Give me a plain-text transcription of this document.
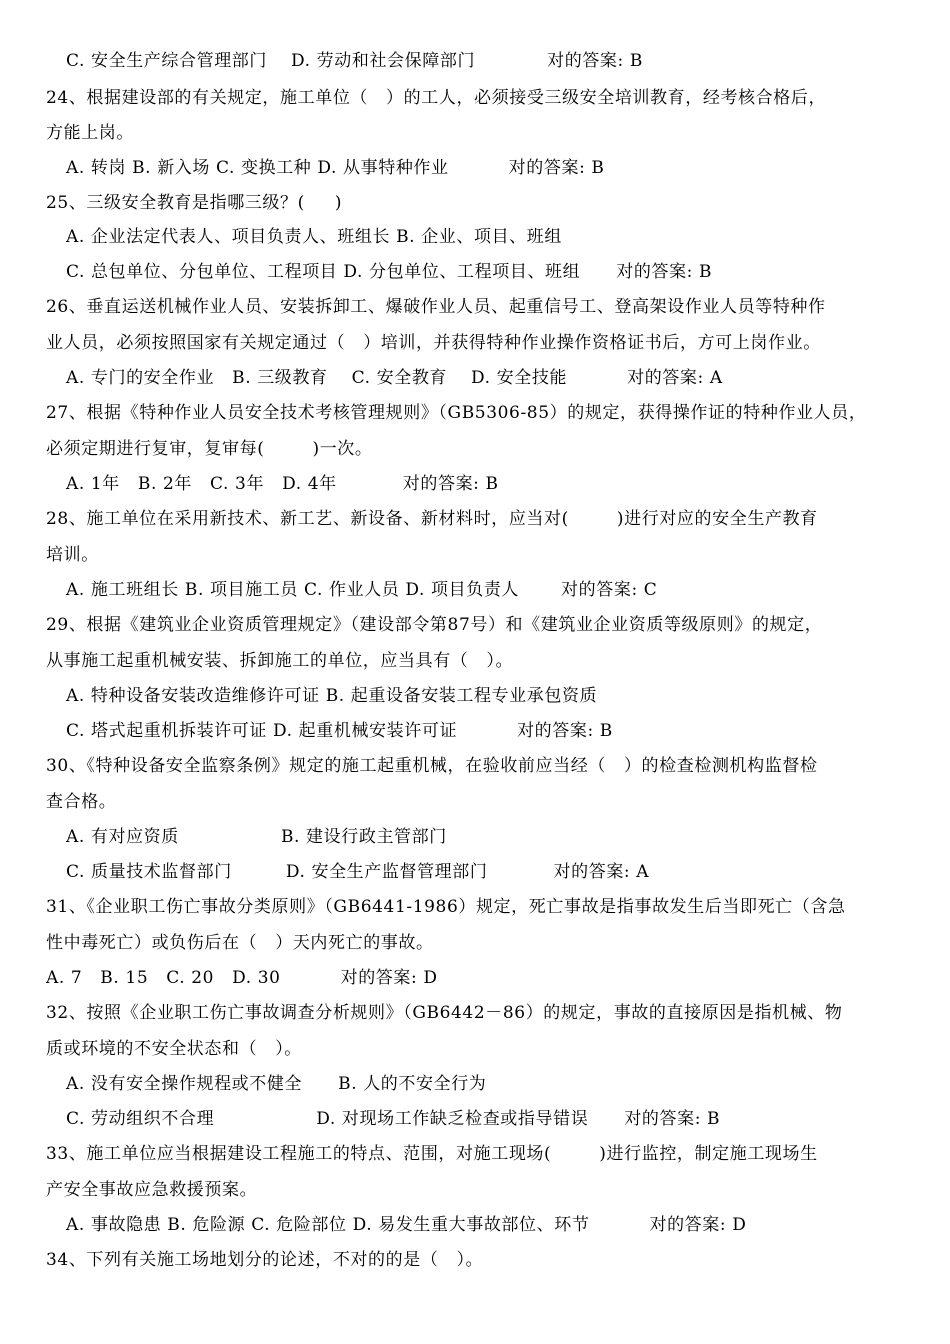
C. 安全生产综合管理部门    D. 劳动和社会保障部门            对的答案: B
24、根据建设部的有关规定，施工单位（   ）的工人，必须接受三级安全培训教育，经考核合格后，
方能上岗。
A. 转岗 B. 新入场 C. 变换工种 D. 从事特种作业          对的答案: B
25、三级安全教育是指哪三级？(     )
A. 企业法定代表人、项目负责人、班组长 B. 企业、项目、班组
C. 总包单位、分包单位、工程项目 D. 分包单位、工程项目、班组      对的答案: B
26、垂直运送机械作业人员、安装拆卸工、爆破作业人员、起重信号工、登高架设作业人员等特种作
业人员，必须按照国家有关规定通过（   ）培训，并获得特种作业操作资格证书后，方可上岗作业。
A. 专门的安全作业   B. 三级教育    C. 安全教育    D. 安全技能          对的答案: A
27、根据《特种作业人员安全技术考核管理规则》（GB5306-85）的规定，获得操作证的特种作业人员，
必须定期进行复审，复审每(        )一次。
A. 1年   B. 2年   C. 3年   D. 4年           对的答案: B
28、施工单位在采用新技术、新工艺、新设备、新材料时，应当对(        )进行对应的安全生产教育
培训。
A. 施工班组长 B. 项目施工员 C. 作业人员 D. 项目负责人       对的答案: C
29、根据《建筑业企业资质管理规定》（建设部令第87号）和《建筑业企业资质等级原则》的规定，
从事施工起重机械安装、拆卸施工的单位，应当具有（   ）。
A. 特种设备安装改造维修许可证 B. 起重设备安装工程专业承包资质
C. 塔式起重机拆装许可证 D. 起重机械安装许可证          对的答案: B
30、《特种设备安全监察条例》规定的施工起重机械，在验收前应当经（   ）的检查检测机构监督检
查合格。
A. 有对应资质                 B. 建设行政主管部门
C. 质量技术监督部门         D. 安全生产监督管理部门           对的答案: A
31、《企业职工伤亡事故分类原则》（GB6441-1986）规定，死亡事故是指事故发生后当即死亡（含急
性中毒死亡）或负伤后在（   ）天内死亡的事故。
A. 7   B. 15   C. 20   D. 30          对的答案: D
32、按照《企业职工伤亡事故调查分析规则》（GB6442－86）的规定，事故的直接原因是指机械、物
质或环境的不安全状态和（   ）。
A. 没有安全操作规程或不健全      B. 人的不安全行为
C. 劳动组织不合理                 D. 对现场工作缺乏检查或指导错误      对的答案: B
33、施工单位应当根据建设工程施工的特点、范围，对施工现场(        )进行监控，制定施工现场生
产安全事故应急救援预案。
A. 事故隐患 B. 危险源 C. 危险部位 D. 易发生重大事故部位、环节          对的答案: D
34、下列有关施工场地划分的论述，不对的的是（   ）。
